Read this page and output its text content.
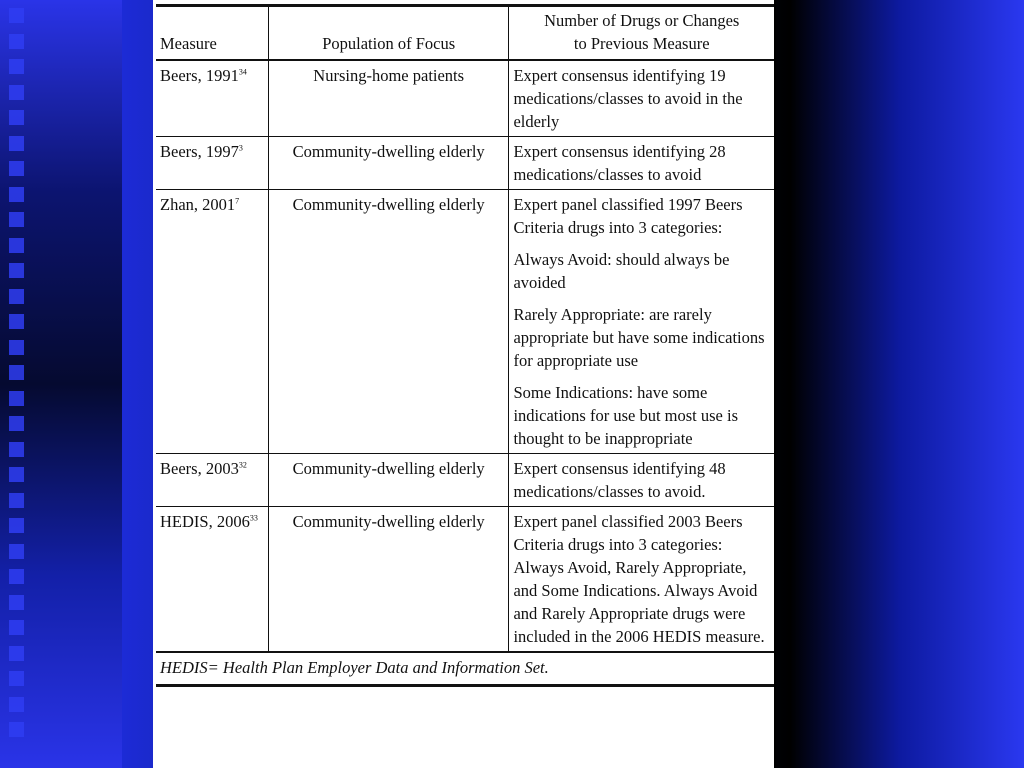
Measure	Population of Focus	Number of Drugs or Changes
to Previous Measure
Beers, 1991$^{34}$	Nursing-home patients	Expert consensus identifying 19 medications/classes to avoid in the elderly

Beers, 1997$^3$	Community-dwelling elderly	Expert consensus identifying 28 medications/classes to avoid

Zhan, 2001$^7$	Community-dwelling elderly	Expert panel classified 1997 Beers Criteria drugs into 3 categories:

Always Avoid: should always be avoided

Rarely Appropriate: are rarely appropriate but have some indications for appropriate use

Some Indications: have some indications for use but most use is thought to be inappropriate

Beers, 2003$^{32}$	Community-dwelling elderly	Expert consensus identifying 48 medications/classes to avoid.

HEDIS, 2006$^{33}$	Community-dwelling elderly	Expert panel classified 2003 Beers Criteria drugs into 3 categories: Always Avoid, Rarely Appropriate, and Some Indications. Always Avoid and Rarely Appropriate drugs were included in the 2006 HEDIS measure.

HEDIS= Health Plan Employer Data and Information Set.		
